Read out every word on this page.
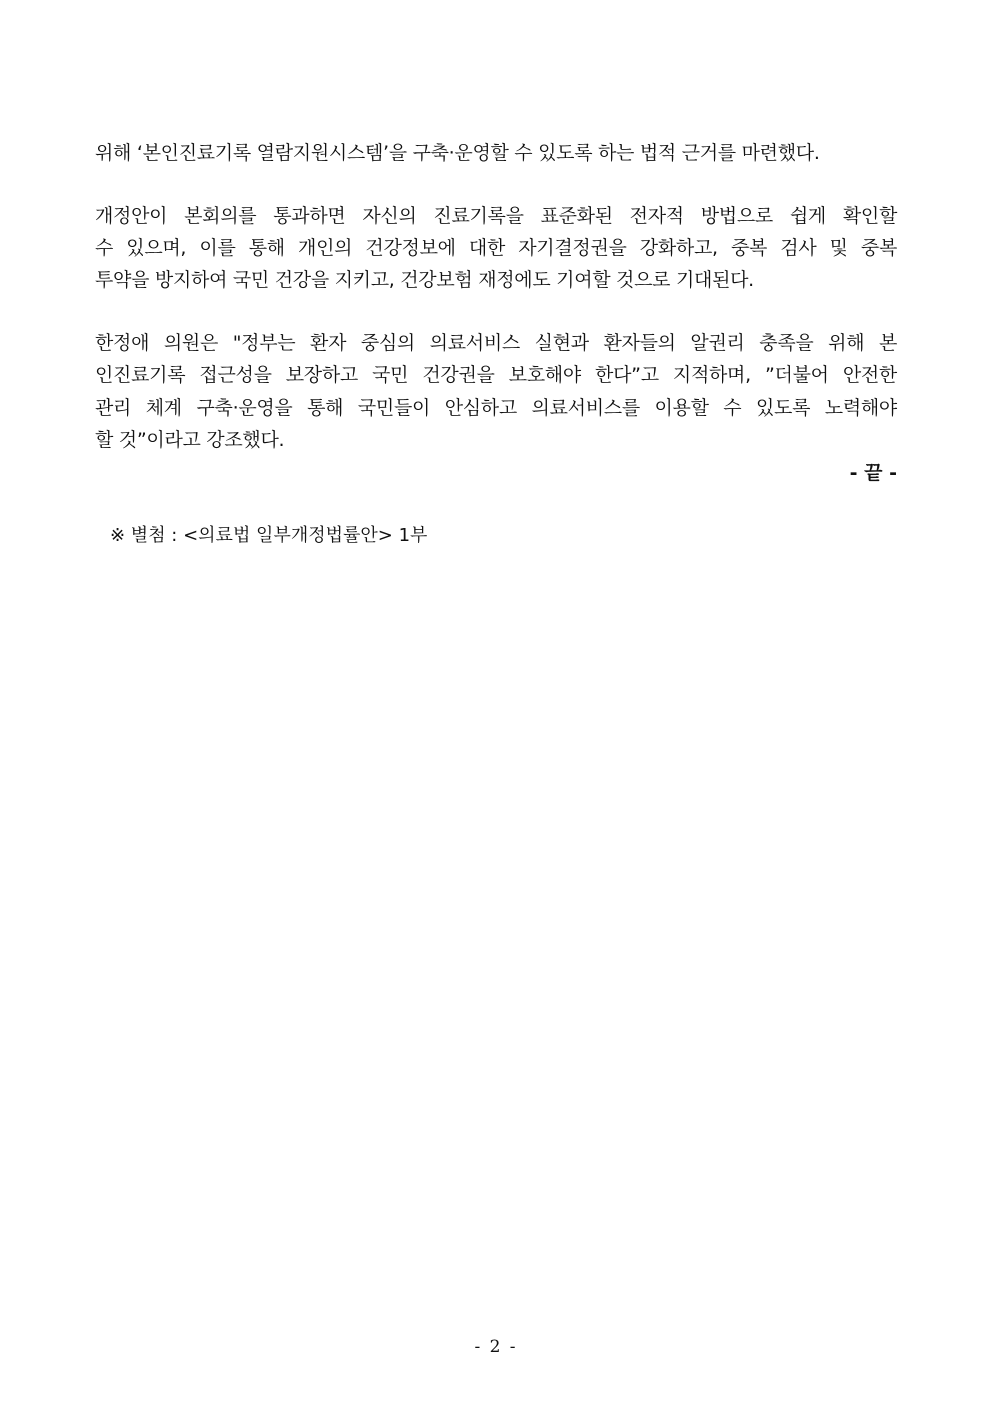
위해 ‘본인진료기록 열람지원시스템’을 구축·운영할 수 있도록 하는 법적 근거를 마련했다.
개정안이 본회의를 통과하면 자신의 진료기록을 표준화된 전자적 방법으로 쉽게 확인할
수 있으며, 이를 통해 개인의 건강정보에 대한 자기결정권을 강화하고, 중복 검사 및 중복
투약을 방지하여 국민 건강을 지키고, 건강보험 재정에도 기여할 것으로 기대된다.
한정애 의원은 "정부는 환자 중심의 의료서비스 실현과 환자들의 알권리 충족을 위해 본
인진료기록 접근성을 보장하고 국민 건강권을 보호해야 한다”고 지적하며, ”더불어 안전한
관리 체계 구축·운영을 통해 국민들이 안심하고 의료서비스를 이용할 수 있도록 노력해야
할 것”이라고 강조했다.
- 끝 -
※ 별첨 : <의료법 일부개정법률안> 1부
- 2 -
